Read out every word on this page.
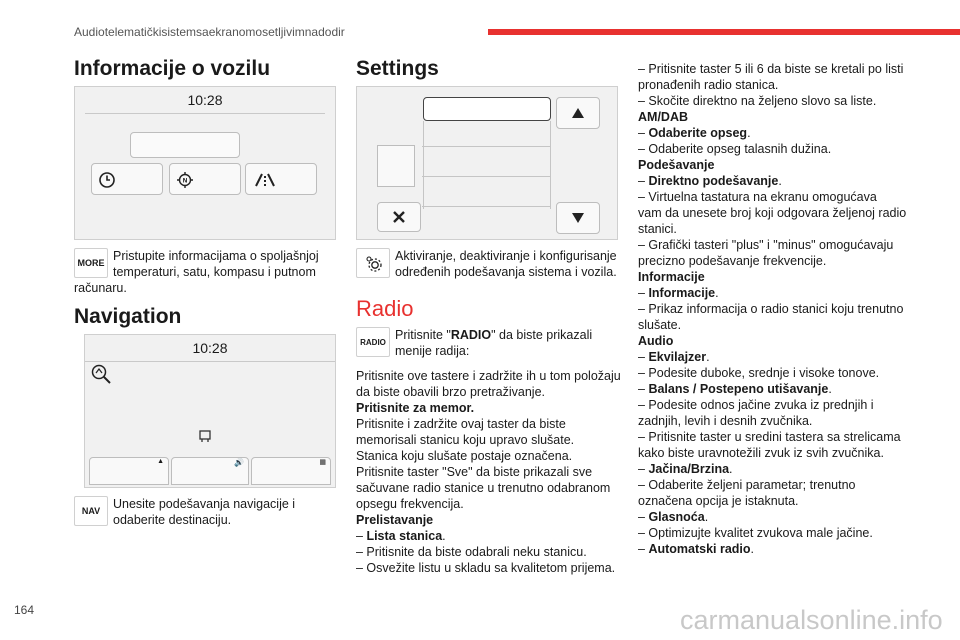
Audiotelematičkisistemsaekranomosetljivimnadodir
Informacije o vozilu
10:28
N
MORE Pristupite informacijama o spoljašnjoj
temperaturi, satu, kompasu i putnom
računaru.
Navigation
10:28
▲	🔊	▦
NAV Unesite podešavanja navigacije i
odaberite destinaciju.
Settings
Aktiviranje, deaktiviranje i konfigurisanje
određenih podešavanja sistema i vozila.
Radio
RADIO Pritisnite "RADIO" da biste prikazali
menije radija:
Pritisnite ove tastere i zadržite ih u tom položaju
da biste obavili brzo pretraživanje.
Pritisnite za memor.
Pritisnite i zadržite ovaj taster da biste
memorisali stanicu koju upravo slušate.
Stanica koju slušate postaje označena.
Pritisnite taster "Sve" da biste prikazali sve
sačuvane radio stanice u trenutno odabranom
opsegu frekvencija.
Prelistavanje
– Lista stanica.
– Pritisnite da biste odabrali neku stanicu.
– Osvežite listu u skladu sa kvalitetom prijema.

– Pritisnite taster 5 ili 6 da biste se kretali po listi

pronađenih radio stanica.

– Skočite direktno na željeno slovo sa liste.

AM/DAB

– Odaberite opseg.

– Odaberite opseg talasnih dužina.

Podešavanje

– Direktno podešavanje.

– Virtuelna tastatura na ekranu omogućava

vam da unesete broj koji odgovara željenoj radio

stanici.

– Grafički tasteri "plus" i "minus" omogućavaju

precizno podešavanje frekvencije.

Informacije

– Informacije.

– Prikaz informacija o radio stanici koju trenutno

slušate.

Audio

– Ekvilajzer.

– Podesite duboke, srednje i visoke tonove.

– Balans / Postepeno utišavanje.

– Podesite odnos jačine zvuka iz prednjih i

zadnjih, levih i desnih zvučnika.

– Pritisnite taster u sredini tastera sa strelicama

kako biste uravnotežili zvuk iz svih zvučnika.

– Jačina/Brzina.

– Odaberite željeni parametar; trenutno

označena opcija je istaknuta.

– Glasnoća.

– Optimizujte kvalitet zvukova male jačine.

– Automatski radio.

164	carmanualsonline.info
